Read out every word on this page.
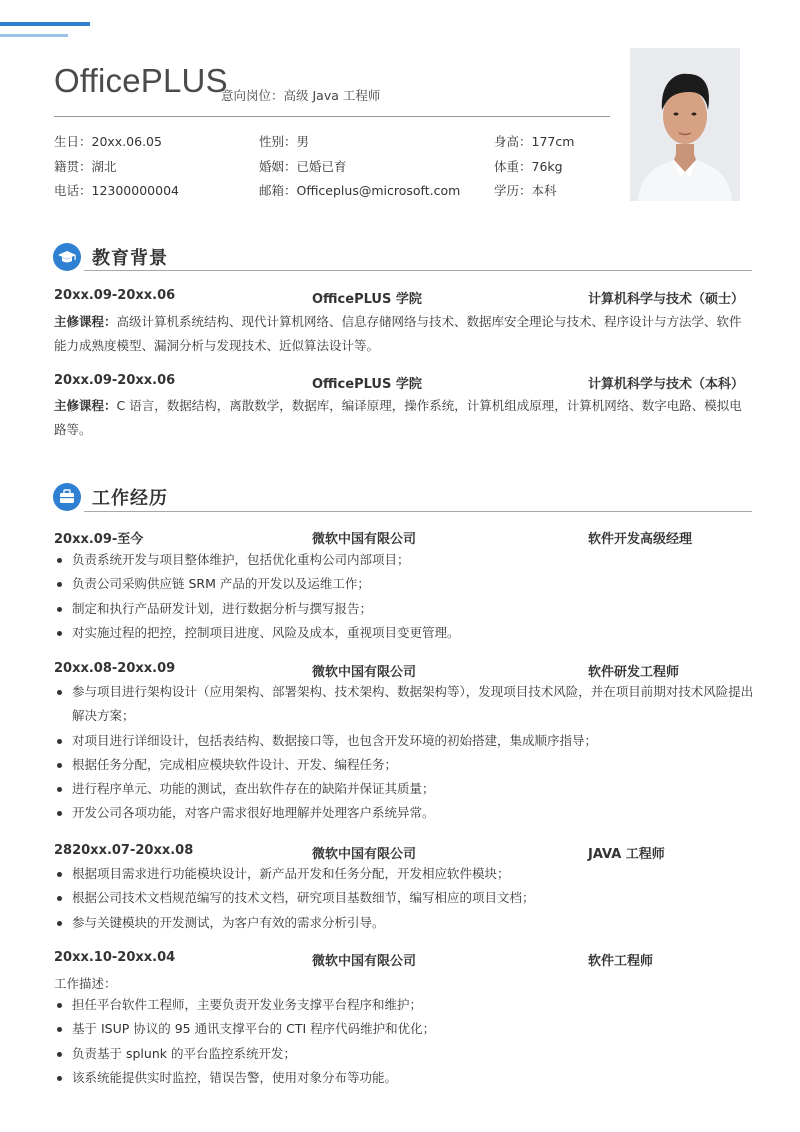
OfficePLUS
意向岗位：高级 Java 工程师
生日：20xx.06.05	性别：男	身高：177cm
籍贯：湖北	婚姻：已婚已育	体重：76kg
电话：12300000004	邮箱：Officeplus@microsoft.com	学历：本科
教育背景
20xx.09-20xx.06	OfficePLUS 学院	计算机科学与技术（硕士）
主修课程：高级计算机系统结构、现代计算机网络、信息存储网络与技术、数据库安全理论与技术、程序设计与方法学、软件能力成熟度模型、漏洞分析与发现技术、近似算法设计等。
20xx.09-20xx.06	OfficePLUS 学院	计算机科学与技术（本科）
主修课程：C 语言，数据结构，离散数学，数据库，编译原理，操作系统，计算机组成原理，计算机网络、数字电路、模拟电路等。
工作经历
20xx.09-至今	微软中国有限公司	软件开发高级经理
负责系统开发与项目整体维护，包括优化重构公司内部项目；
负责公司采购供应链 SRM 产品的开发以及运维工作；
制定和执行产品研发计划，进行数据分析与撰写报告；
对实施过程的把控，控制项目进度、风险及成本，重视项目变更管理。
20xx.08-20xx.09	微软中国有限公司	软件研发工程师
参与项目进行架构设计（应用架构、部署架构、技术架构、数据架构等），发现项目技术风险，并在项目前期对技术风险提出解决方案；
对项目进行详细设计，包括表结构、数据接口等，也包含开发环境的初始搭建，集成顺序指导；
根据任务分配，完成相应模块软件设计、开发、编程任务；
进行程序单元、功能的测试，查出软件存在的缺陷并保证其质量；
开发公司各项功能，对客户需求很好地理解并处理客户系统异常。
2820xx.07-20xx.08	微软中国有限公司	JAVA 工程师
根据项目需求进行功能模块设计，新产品开发和任务分配，开发相应软件模块；
根据公司技术文档规范编写的技术文档，研究项目基数细节，编写相应的项目文档；
参与关键模块的开发测试，为客户有效的需求分析引导。
20xx.10-20xx.04	微软中国有限公司	软件工程师
工作描述：
担任平台软件工程师，主要负责开发业务支撑平台程序和维护；
基于 ISUP 协议的 95 通讯支撑平台的 CTI 程序代码维护和优化；
负责基于 splunk 的平台监控系统开发；
该系统能提供实时监控，错误告警，使用对象分布等功能。
